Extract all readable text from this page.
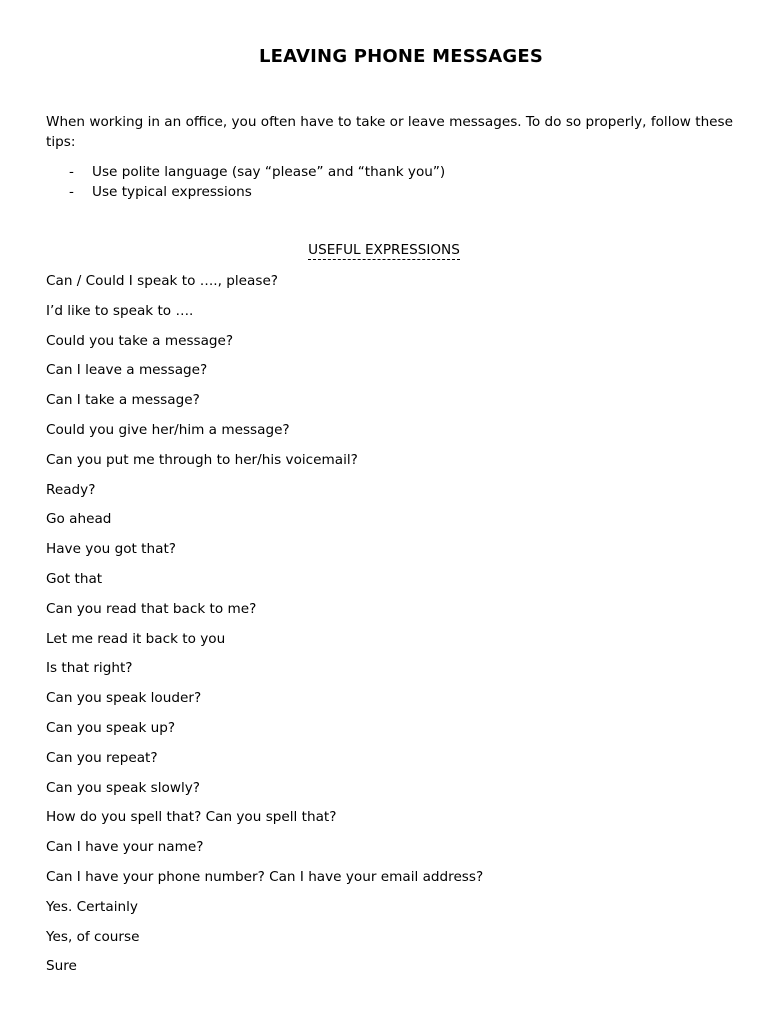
LEAVING PHONE MESSAGES
When working in an office, you often have to take or leave messages. To do so properly, follow these tips:
- Use polite language (say “please” and “thank you”)
- Use typical expressions
USEFUL EXPRESSIONS
Can / Could I speak to …., please?
I’d like to speak to ….
Could you take a message?
Can I leave a message?
Can I take a message?
Could you give her/him a message?
Can you put me through to her/his voicemail?
Ready?
Go ahead
Have you got that?
Got that
Can you read that back to me?
Let me read it back to you
Is that right?
Can you speak louder?
Can you speak up?
Can you repeat?
Can you speak slowly?
How do you spell that? Can you spell that?
Can I have your name?
Can I have your phone number? Can I have your email address?
Yes. Certainly
Yes, of course
Sure
